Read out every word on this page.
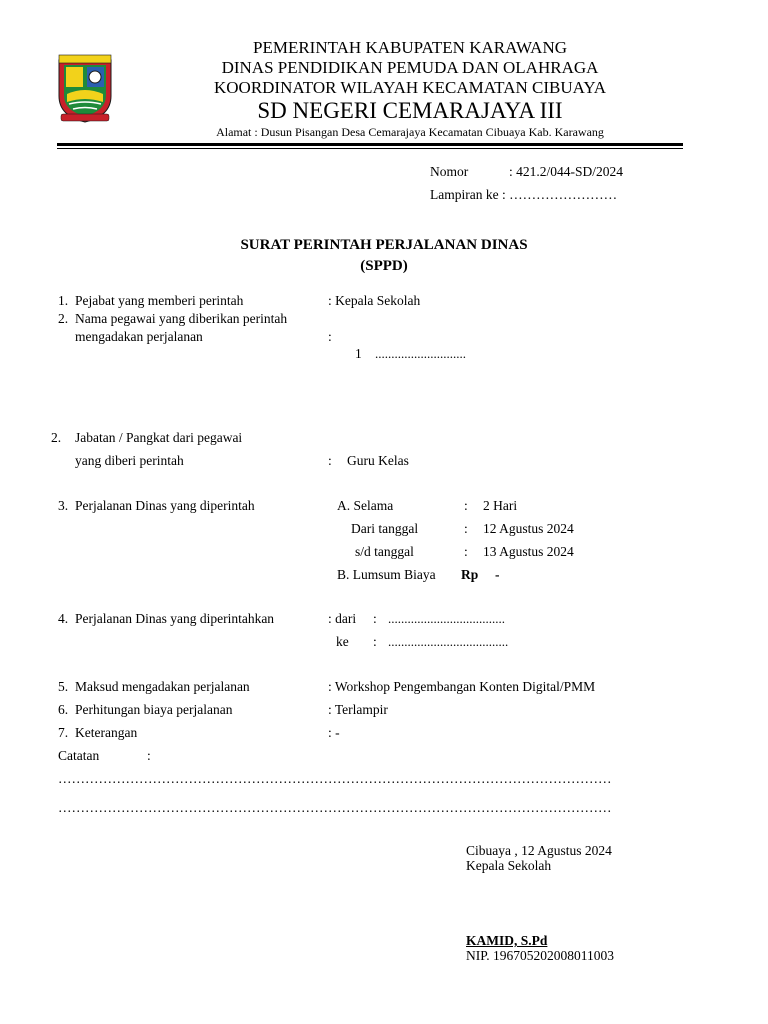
PEMERINTAH KABUPATEN KARAWANG
DINAS PENDIDIKAN PEMUDA DAN OLAHRAGA
KOORDINATOR WILAYAH KECAMATAN CIBUAYA
SD NEGERI CEMARAJAYA III
Alamat : Dusun Pisangan Desa Cemarajaya Kecamatan Cibuaya Kab. Karawang
Nomor	: 421.2/044-SD/2024
Lampiran ke : ……………………
SURAT PERINTAH PERJALANAN DINAS
(SPPD)
1. Pejabat yang memberi perintah	: Kepala Sekolah
2. Nama pegawai yang diberikan perintah
mengadakan perjalanan	:
1 ............................
2. Jabatan / Pangkat dari pegawai
yang diberi perintah	: Guru Kelas
3. Perjalanan Dinas yang diperintah	A. Selama	: 2 Hari
Dari tanggal	: 12 Agustus 2024
s/d tanggal	: 13 Agustus 2024
B. Lumsum Biaya Rp -
4. Perjalanan Dinas yang diperintahkan	: dari : ....................................
ke : .....................................
5. Maksud mengadakan perjalanan	: Workshop Pengembangan Konten Digital/PMM
6. Perhitungan biaya perjalanan	: Terlampir
7. Keterangan	: -
Catatan	:
……………………………………………………………………………………………………………
……………………………………………………………………………………………………………
Cibuaya , 12 Agustus 2024
Kepala Sekolah
KAMID, S.Pd
NIP. 196705202008011003
